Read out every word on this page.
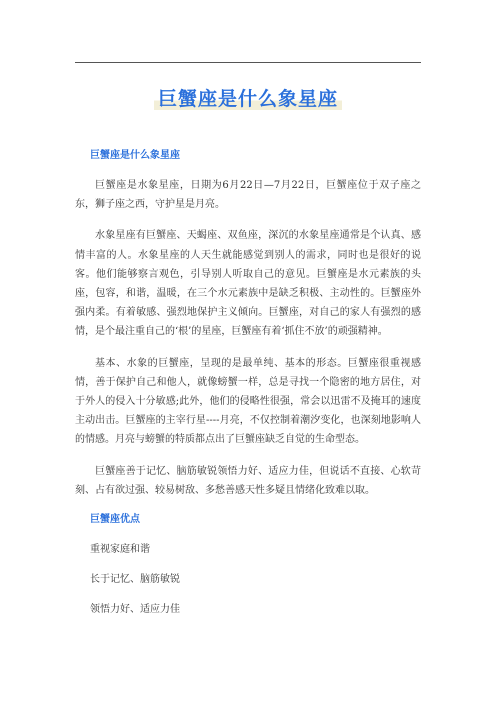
巨蟹座是什么象星座
巨蟹座是什么象星座

巨蟹座是水象星座，日期为6月22日—7月22日，巨蟹座位于双子座之东，狮子座之西，守护星是月亮。

水象星座有巨蟹座、天蝎座、双鱼座，深沉的水象星座通常是个认真、感情丰富的人。水象星座的人天生就能感觉到别人的需求，同时也是很好的说客。他们能够察言观色，引导别人听取自己的意见。巨蟹座是水元素族的头座，包容，和谐，温暖，在三个水元素族中是缺乏积极、主动性的。巨蟹座外强内柔。有着敏感、强烈地保护主义倾向。巨蟹座，对自己的家人有强烈的感情，是个最注重自己的‘根’的星座，巨蟹座有着‘抓住不放’的顽强精神。

基本、水象的巨蟹座，呈现的是最单纯、基本的形态。巨蟹座很重视感情，善于保护自己和他人，就像螃蟹一样，总是寻找一个隐密的地方居住，对于外人的侵入十分敏感;此外，他们的侵略性很强，常会以迅雷不及掩耳的速度主动出击。巨蟹座的主宰行星----月亮，不仅控制着潮汐变化，也深刻地影响人的情感。月亮与螃蟹的特质都点出了巨蟹座缺乏自觉的生命型态。

巨蟹座善于记忆、脑筋敏锐领悟力好、适应力佳，但说话不直接、心软苛刻、占有欲过强、较易树敌、多愁善感天性多疑且情绪化致难以取。

巨蟹座优点
重视家庭和谐
长于记忆、脑筋敏锐
领悟力好、适应力佳
